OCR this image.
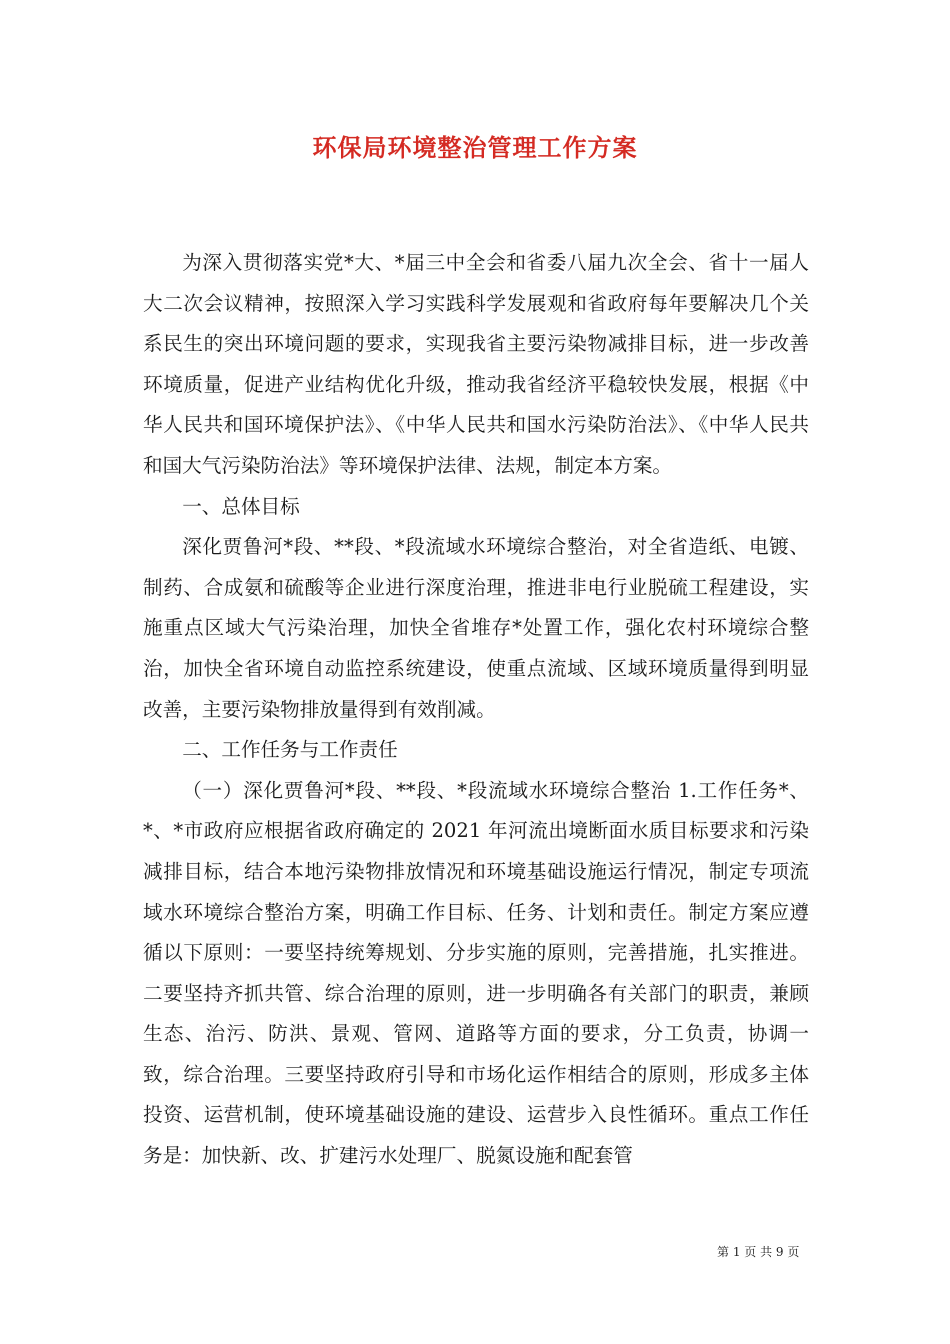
环保局环境整治管理工作方案

为深入贯彻落实党*大、*届三中全会和省委八届九次全会、省十一届人大二次会议精神，按照深入学习实践科学发展观和省政府每年要解决几个关系民生的突出环境问题的要求，实现我省主要污染物减排目标，进一步改善环境质量，促进产业结构优化升级，推动我省经济平稳较快发展，根据《中华人民共和国环境保护法》、《中华人民共和国水污染防治法》、《中华人民共和国大气污染防治法》等环境保护法律、法规，制定本方案。

一、总体目标

深化贾鲁河*段、**段、*段流域水环境综合整治，对全省造纸、电镀、制药、合成氨和硫酸等企业进行深度治理，推进非电行业脱硫工程建设，实施重点区域大气污染治理，加快全省堆存*处置工作，强化农村环境综合整治，加快全省环境自动监控系统建设，使重点流域、区域环境质量得到明显改善，主要污染物排放量得到有效削减。

二、工作任务与工作责任

（一）深化贾鲁河*段、**段、*段流域水环境综合整治 1.工作任务*、*、*市政府应根据省政府确定的 2021 年河流出境断面水质目标要求和污染减排目标，结合本地污染物排放情况和环境基础设施运行情况，制定专项流域水环境综合整治方案，明确工作目标、任务、计划和责任。制定方案应遵循以下原则：一要坚持统筹规划、分步实施的原则，完善措施，扎实推进。二要坚持齐抓共管、综合治理的原则，进一步明确各有关部门的职责，兼顾生态、治污、防洪、景观、管网、道路等方面的要求，分工负责，协调一致，综合治理。三要坚持政府引导和市场化运作相结合的原则，形成多主体投资、运营机制，使环境基础设施的建设、运营步入良性循环。重点工作任务是：加快新、改、扩建污水处理厂、脱氮设施和配套管

第 1 页 共 9 页
